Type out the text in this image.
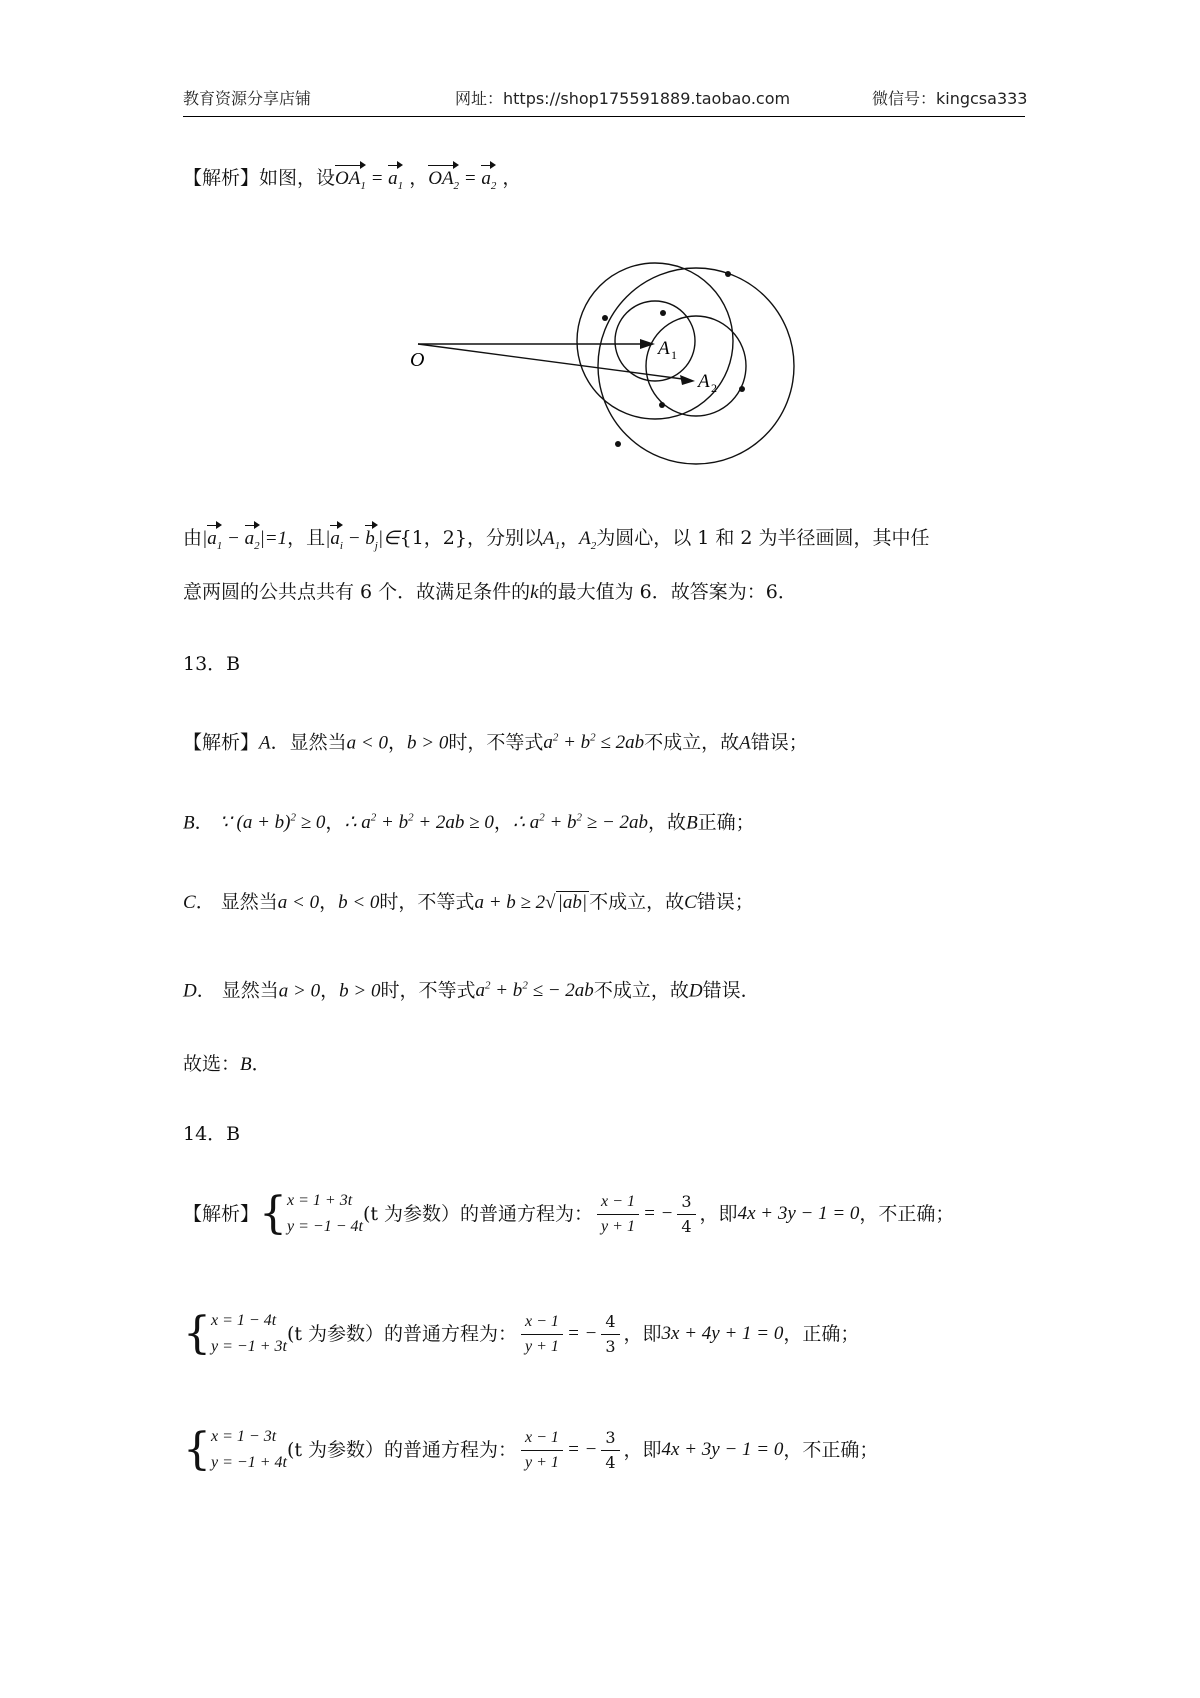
教育资源分享店铺	网址：https://shop175591889.taobao.com	微信号：kingcsa333
【解析】如图，设$OA_1 = a_1$ ，$OA_2 = a_2$ ，
O
A 1
A 2
由$|a_1 - a_2|=1$，且$|a_i$ − $b_j|\in\{1$，2}，分别以$A_1$，$A_2$为圆心，以 1 和 2 为半径画圆，其中任
意两圆的公共点共有 6 个．故满足条件的k的最大值为 6．故答案为：6．
13．B
【解析】A．显然当a < 0，b > 0时，不等式$a^2 + b^2 \le 2ab$不成立，故A错误；
B． ∵ $(a + b)^2 \ge 0$，∴ $a^2 + b^2 + 2ab \ge 0$，∴ $a^2 + b^2$ ≥ − 2ab，故B正确；
C． 显然当a < 0，b < 0时，不等式a + b ≥ 2√ |ab| 不成立，故C错误；
D． 显然当a > 0，b > 0时，不等式$a^2 + b^2$ ≤ − 2ab不成立，故D错误．
故选：B．
14．B
【解析】{ x = 1 + 3t
y = −1 − 4t
(t 为参数）的普通方程为： $\frac{x - 1}{y + 1}$ = − $\frac{3}{4}$ ，即4x + 3y − 1 = 0，不正确；
{ x = 1 − 4t
y = −1 + 3t
(t 为参数）的普通方程为： $\frac{x - 1}{y + 1}$ = − $\frac{4}{3}$ ，即3x + 4y + 1 = 0，正确；
{ x = 1 − 3t
y = −1 + 4t
(t 为参数）的普通方程为： $\frac{x - 1}{y + 1}$ = − $\frac{3}{4}$ ，即4x + 3y − 1 = 0，不正确；
